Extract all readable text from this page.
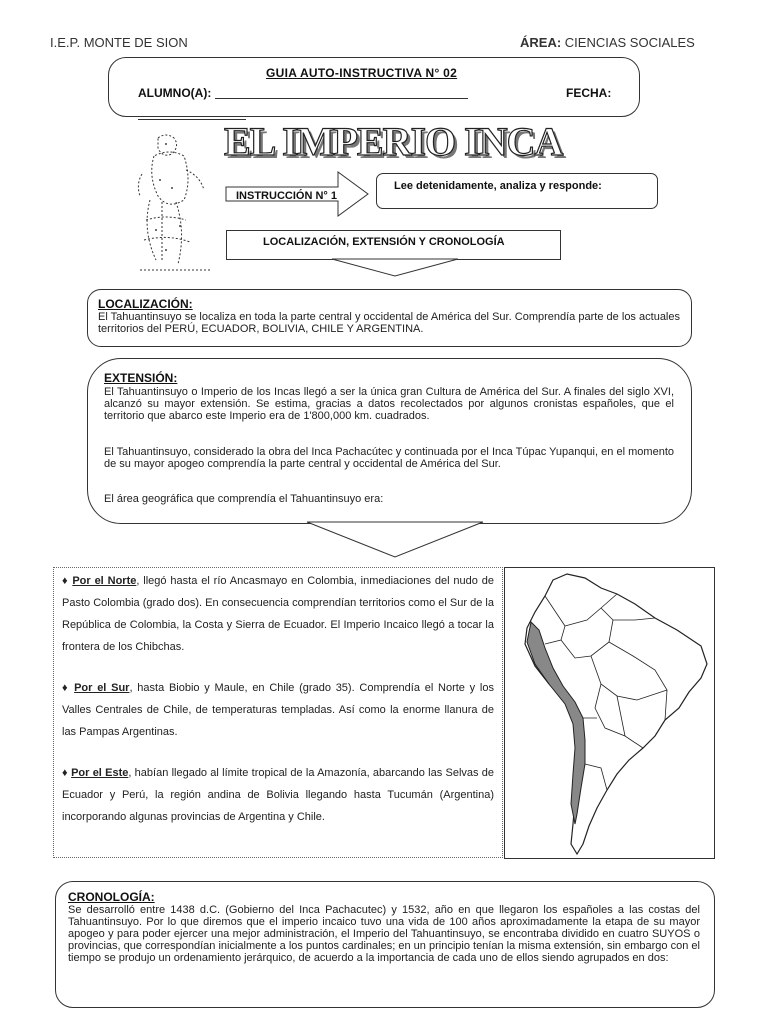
I.E.P. MONTE DE SION	ÁREA: CIENCIAS SOCIALES
GUIA AUTO-INSTRUCTIVA N° 02
ALUMNO(A):	FECHA:
EL IMPERIO INCA
INSTRUCCIÓN N° 1
Lee detenidamente, analiza y responde:
LOCALIZACIÓN, EXTENSIÓN Y CRONOLOGÍA
LOCALIZACIÓN:
El Tahuantinsuyo se localiza en toda la parte central y occidental de América del Sur. Comprendía parte de los actuales territorios del PERÚ, ECUADOR, BOLIVIA, CHILE Y ARGENTINA.
EXTENSIÓN:
El Tahuantinsuyo o Imperio de los Incas llegó a ser la única gran Cultura de América del Sur. A finales del siglo XVI, alcanzó su mayor extensión. Se estima, gracias a datos recolectados por algunos cronistas españoles, que el territorio que abarco este Imperio era de 1'800,000 km. cuadrados.
El Tahuantinsuyo, considerado la obra del Inca Pachacútec y continuada por el Inca Túpac Yupanqui, en el momento de su mayor apogeo comprendía la parte central y occidental de América del Sur.
El área geográfica que comprendía el Tahuantinsuyo era:
♦ Por el Norte, llegó hasta el río Ancasmayo en Colombia, inmediaciones del nudo de Pasto Colombia (grado dos). En consecuencia comprendían territorios como el Sur de la República de Colombia, la Costa y Sierra de Ecuador. El Imperio Incaico llegó a tocar la frontera de los Chibchas.
♦ Por el Sur, hasta Biobio y Maule, en Chile (grado 35). Comprendía el Norte y los Valles Centrales de Chile, de temperaturas templadas. Así como la enorme llanura de las Pampas Argentinas.
♦ Por el Este, habían llegado al límite tropical de la Amazonía, abarcando las Selvas de Ecuador y Perú, la región andina de Bolivia llegando hasta Tucumán (Argentina) incorporando algunas provincias de Argentina y Chile.
CRONOLOGÍA:
Se desarrolló entre 1438 d.C. (Gobierno del Inca Pachacutec) y 1532, año en que llegaron los españoles a las costas del Tahuantinsuyo. Por lo que diremos que el imperio incaico tuvo una vida de 100 años aproximadamente la etapa de su mayor apogeo y para poder ejercer una mejor administración, el Imperio del Tahuantinsuyo, se encontraba dividido en cuatro SUYOS o provincias, que correspondían inicialmente a los puntos cardinales; en un principio tenían la misma extensión, sin embargo con el tiempo se produjo un ordenamiento jerárquico, de acuerdo a la importancia de cada uno de ellos siendo agrupados en dos:
